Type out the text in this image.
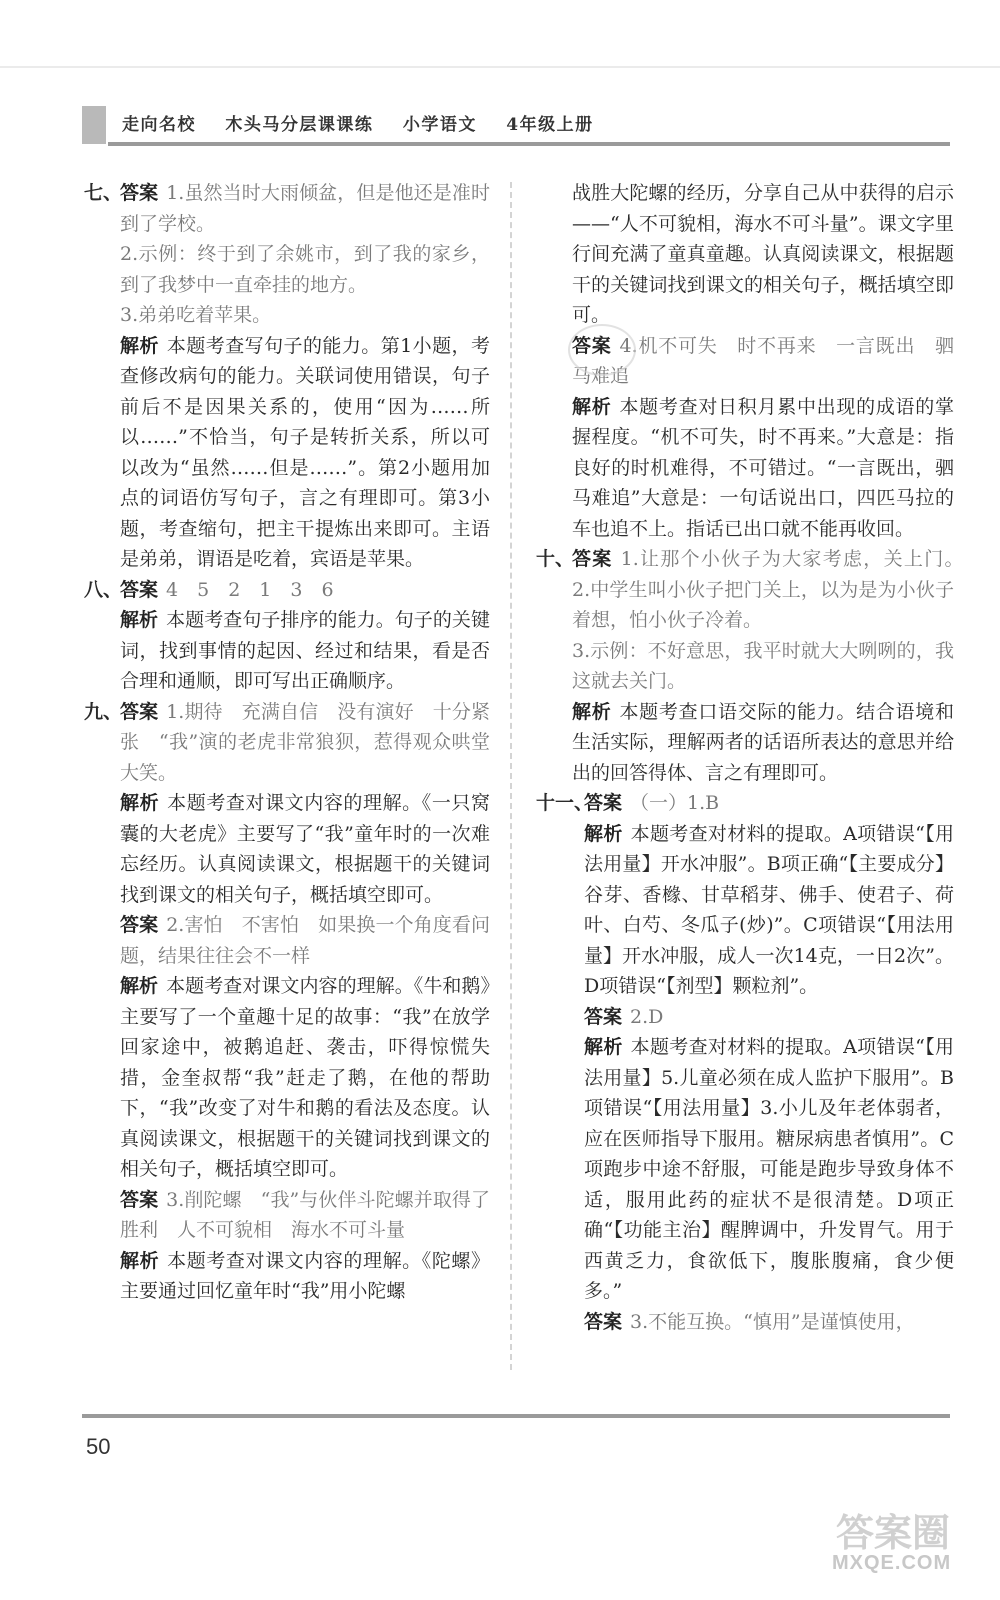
走向名校 木头马分层课课练 小学语文 4年级上册
七、

答案 1.虽然当时大雨倾盆，但是他还是准时到了学校。

2.示例：终于到了余姚市，到了我的家乡，到了我梦中一直牵挂的地方。

3.弟弟吃着苹果。

解析 本题考查写句子的能力。第1小题，考查修改病句的能力。关联词使用错误，句子前后不是因果关系的，使用“因为……所以……”不恰当，句子是转折关系，所以可以改为“虽然……但是……”。第2小题用加点的词语仿写句子，言之有理即可。第3小题，考查缩句，把主干提炼出来即可。主语是弟弟，谓语是吃着，宾语是苹果。

八、

答案 4　5　2　1　3　6

解析 本题考查句子排序的能力。句子的关键词，找到事情的起因、经过和结果，看是否合理和通顺，即可写出正确顺序。

九、

答案 1.期待　充满自信　没有演好　十分紧张　“我”演的老虎非常狼狈，惹得观众哄堂大笑。

解析 本题考查对课文内容的理解。《一只窝囊的大老虎》主要写了“我”童年时的一次难忘经历。认真阅读课文，根据题干的关键词找到课文的相关句子，概括填空即可。

答案 2.害怕　不害怕　如果换一个角度看问题，结果往往会不一样

解析 本题考查对课文内容的理解。《牛和鹅》主要写了一个童趣十足的故事：“我”在放学回家途中，被鹅追赶、袭击，吓得惊慌失措，金奎叔帮“我”赶走了鹅，在他的帮助下，“我”改变了对牛和鹅的看法及态度。认真阅读课文，根据题干的关键词找到课文的相关句子，概括填空即可。

答案 3.削陀螺　“我”与伙伴斗陀螺并取得了胜利　人不可貌相　海水不可斗量

解析 本题考查对课文内容的理解。《陀螺》主要通过回忆童年时“我”用小陀螺

战胜大陀螺的经历，分享自己从中获得的启示——“人不可貌相，海水不可斗量”。课文字里行间充满了童真童趣。认真阅读课文，根据题干的关键词找到课文的相关句子，概括填空即可。

答案 4.机不可失　时不再来　一言既出　驷马难追

解析 本题考查对日积月累中出现的成语的掌握程度。“机不可失，时不再来。”大意是：指良好的时机难得，不可错过。“一言既出，驷马难追”大意是：一句话说出口，四匹马拉的车也追不上。指话已出口就不能再收回。

十、

答案 1.让那个小伙子为大家考虑，关上门。　2.中学生叫小伙子把门关上，以为是为小伙子着想，怕小伙子冷着。

3.示例：不好意思，我平时就大大咧咧的，我这就去关门。

解析 本题考查口语交际的能力。结合语境和生活实际，理解两者的话语所表达的意思并给出的回答得体、言之有理即可。

十一、

答案 （一）1.B

解析 本题考查对材料的提取。A项错误“【用法用量】开水冲服”。B项正确“【主要成分】谷芽、香橼、甘草稻芽、佛手、使君子、荷叶、白芍、冬瓜子(炒)”。C项错误“【用法用量】开水冲服，成人一次14克，一日2次”。D项错误“【剂型】颗粒剂”。

答案 2.D

解析 本题考查对材料的提取。A项错误“【用法用量】5.儿童必须在成人监护下服用”。B项错误“【用法用量】3.小儿及年老体弱者，应在医师指导下服用。糖尿病患者慎用”。C项跑步中途不舒服，可能是跑步导致身体不适，服用此药的症状不是很清楚。D项正确“【功能主治】醒脾调中，升发胃气。用于西黄乏力，食欲低下，腹胀腹痛，食少便多。”

答案 3.不能互换。“慎用”是谨慎使用，

50
答案圈
MXQE.COM
